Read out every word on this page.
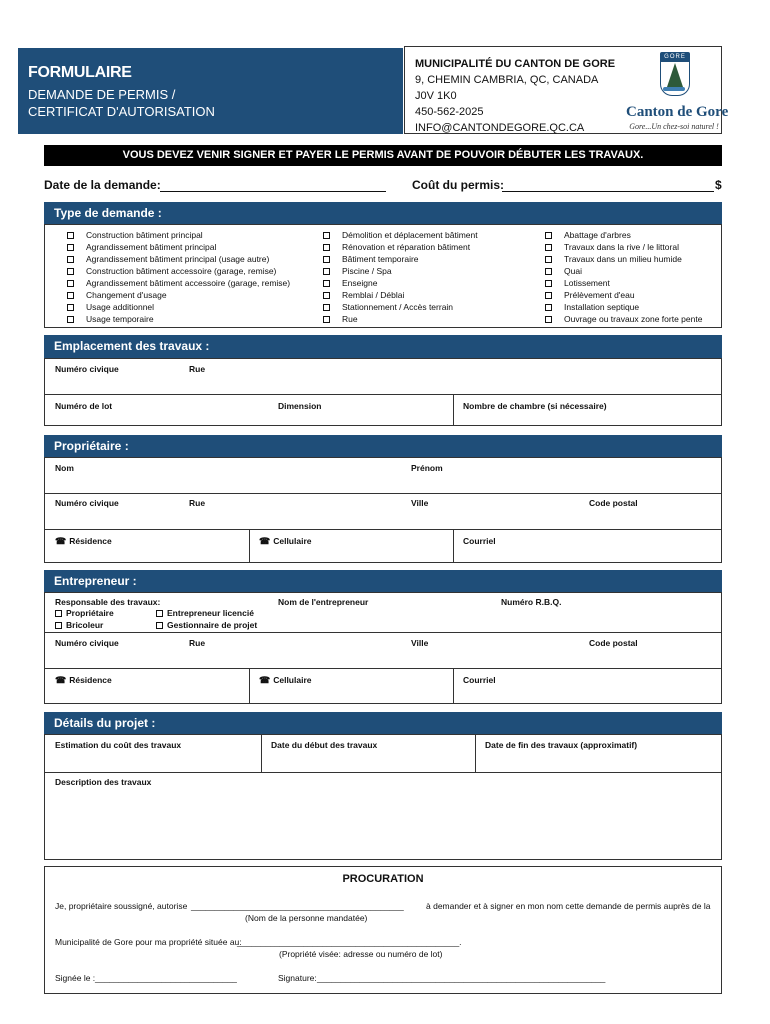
FORMULAIRE
DEMANDE DE PERMIS /
CERTIFICAT D'AUTORISATION
MUNICIPALITÉ DU CANTON DE GORE
9, CHEMIN CAMBRIA, QC, CANADA
J0V 1K0
450-562-2025
INFO@CANTONDEGORE.QC.CA
GORE
Canton de Gore
Gore...Un chez-soi naturel !
VOUS DEVEZ VENIR SIGNER ET PAYER LE PERMIS AVANT DE POUVOIR DÉBUTER LES TRAVAUX.
Date de la demande:	Coût du permis:	$
Type de demande :
Construction bâtiment principal
Agrandissement bâtiment principal
Agrandissement bâtiment principal (usage autre)
Construction bâtiment accessoire (garage, remise)
Agrandissement bâtiment accessoire (garage, remise)
Changement d'usage
Usage additionnel
Usage temporaire
Démolition et déplacement bâtiment
Rénovation et réparation bâtiment
Bâtiment temporaire
Piscine / Spa
Enseigne
Remblai / Déblai
Stationnement / Accès terrain
Rue
Abattage d'arbres
Travaux dans la rive / le littoral
Travaux dans un milieu humide
Quai
Lotissement
Prélèvement d'eau
Installation septique
Ouvrage ou travaux zone forte pente
Emplacement des travaux :
Numéro civique	Rue
Numéro de lot	Dimension	Nombre de chambre (si nécessaire)
Propriétaire :
Nom	Prénom
Numéro civique	Rue	Ville	Code postal
☎ Résidence	☎ Cellulaire	Courriel
Entrepreneur :
Responsable des travaux:
Propriétaire
Bricoleur
Entrepreneur licencié
Gestionnaire de projet
Nom de l'entrepreneur	Numéro R.B.Q.
Numéro civique	Rue	Ville	Code postal
☎ Résidence	☎ Cellulaire	Courriel
Détails du projet :
Estimation du coût des travaux	Date du début des travaux	Date de fin des travaux (approximatif)
Description des travaux
PROCURATION
Je, propriétaire soussigné, autorise _____________________________________________	à demander et à signer en mon nom cette demande de permis auprès de la
(Nom de la personne mandatée)
Municipalité de Gore pour ma propriété située au:
_______________________________________________.
(Propriété visée: adresse ou numéro de lot)
Signée le : ______________________________	Signature: _____________________________________________________________
